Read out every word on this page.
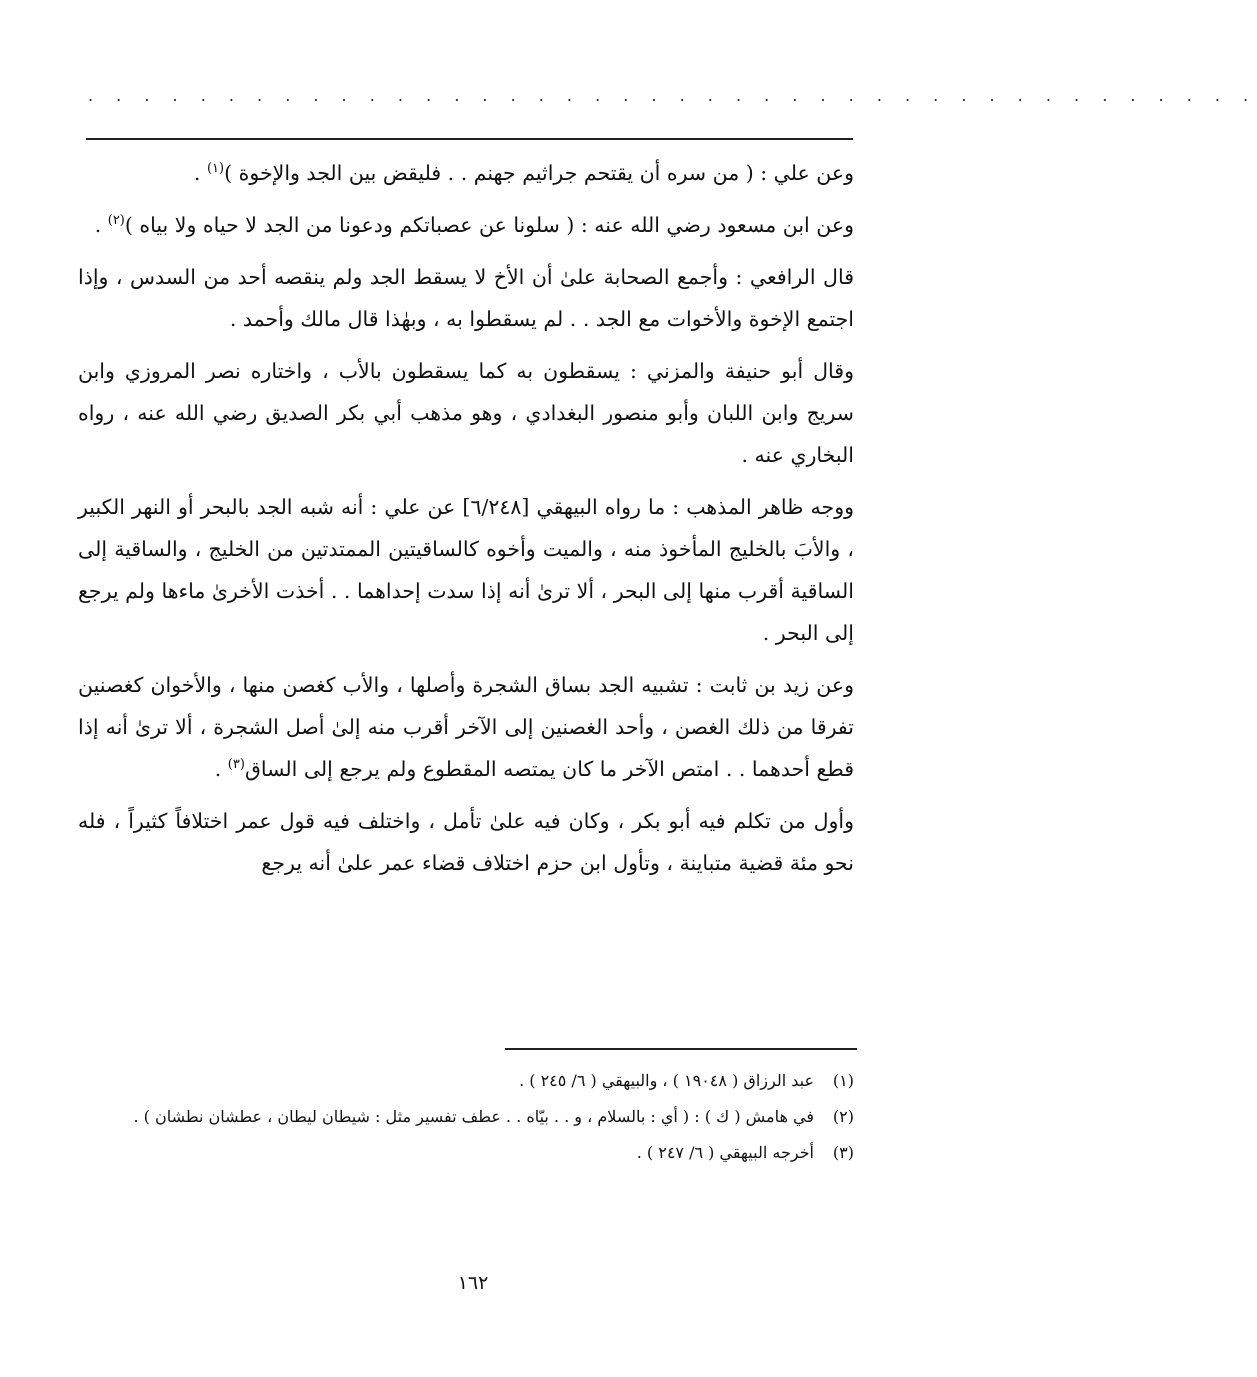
. . . . . . . . . . . . . . . . . . . . . . . . . . . . . . . . . . . . . . . . . .

وعن علي : ( من سره أن يقتحم جراثيم جهنم . . فليقض بين الجد والإخوة )$^{(١)}$ .

وعن ابن مسعود رضي الله عنه : ( سلونا عن عصباتكم ودعونا من الجد لا حياه ولا بياه )$^{(٢)}$ .

قال الرافعي : وأجمع الصحابة علىٰ أن الأخ لا يسقط الجد ولم ينقصه أحد من السدس ، وإذا اجتمع الإخوة والأخوات مع الجد . . لم يسقطوا به ، وبهٰذا قال مالك وأحمد .

وقال أبو حنيفة والمزني : يسقطون به كما يسقطون بالأب ، واختاره نصر المروزي وابن سريج وابن اللبان وأبو منصور البغدادي ، وهو مذهب أبي بكر الصديق رضي الله عنه ، رواه البخاري عنه .

ووجه ظاهر المذهب : ما رواه البيهقي [٦/٢٤٨] عن علي : أنه شبه الجد بالبحر أو النهر الكبير ، والأبَ بالخليج المأخوذ منه ، والميت وأخوه كالساقيتين الممتدتين من الخليج ، والساقية إلى الساقية أقرب منها إلى البحر ، ألا ترىٰ أنه إذا سدت إحداهما . . أخذت الأخرىٰ ماءها ولم يرجع إلى البحر .

وعن زيد بن ثابت : تشبيه الجد بساق الشجرة وأصلها ، والأب كغصن منها ، والأخوان كغصنين تفرقا من ذلك الغصن ، وأحد الغصنين إلى الآخر أقرب منه إلىٰ أصل الشجرة ، ألا ترىٰ أنه إذا قطع أحدهما . . امتص الآخر ما كان يمتصه المقطوع ولم يرجع إلى الساق$^{(٣)}$ .

وأول من تكلم فيه أبو بكر ، وكان فيه علىٰ تأمل ، واختلف فيه قول عمر اختلافاً كثيراً ، فله نحو مئة قضية متباينة ، وتأول ابن حزم اختلاف قضاء عمر علىٰ أنه يرجع

(١)
عبد الرزاق ( ١٩٠٤٨ ) ، والبيهقي ( ٦/ ٢٤٥ ) .
(٢)
في هامش ( ك ) : ( أي : بالسلام ، و . . بيّاه . . عطف تفسير مثل : شيطان ليطان ، عطشان نطشان ) .
(٣)
أخرجه البيهقي ( ٦/ ٢٤٧ ) .
١٦٢
